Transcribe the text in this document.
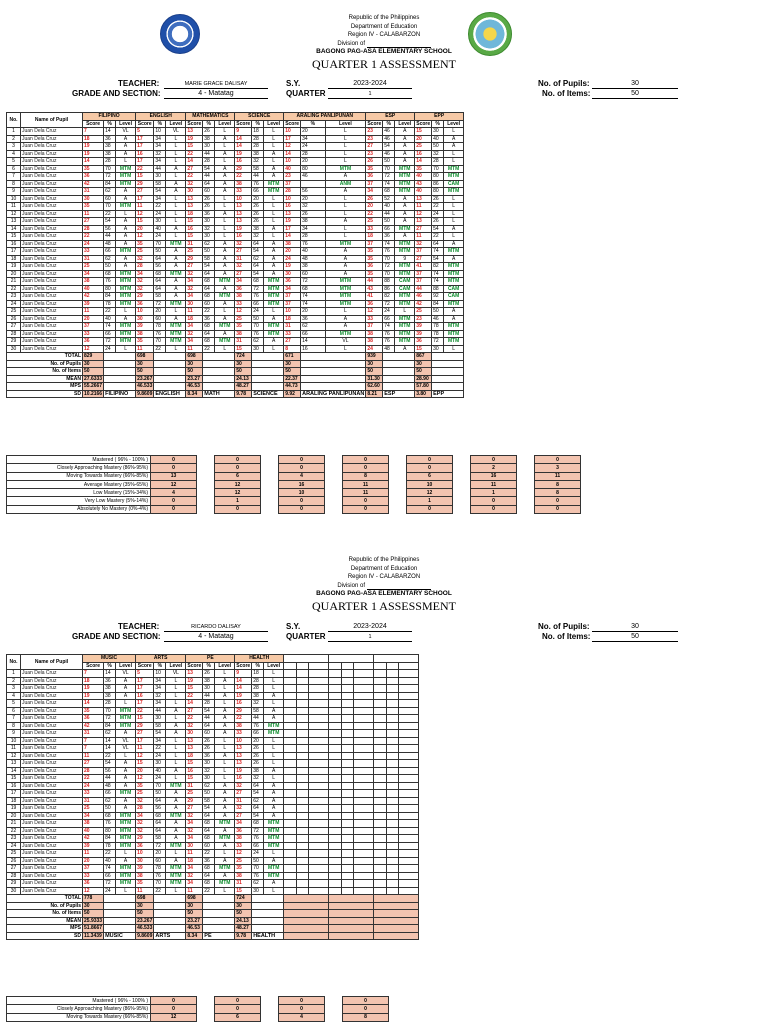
Republic of the Philippines
Department of Education
Region IV - CALABARZON
Division of
BAGONG PAG-ASA ELEMENTARY SCHOOL
QUARTER 1 ASSESSMENT
TEACHER:
GRADE AND SECTION:
MARIE GRACE DALISAY
4 - Matatag
S.Y.
QUARTER
2023-2024
1
No. of Pupils:
No. of Items:
30
50
No.	Name of Pupil	FILIPINO			ENGLISH			MATHEMATICS			SCIENCE			ARALING PANLIPUNAN			ESP			EPP		
		Score	%	Level	Score	%	Level	Score	%	Level	Score	%	Level	Score	%	Level	Score	%	Level	Score	%	Level
1	Juan Dela Cruz	7	14	VL	5	10	VL	13	26	L	9	18	L	10	20	L	23	46	A	15	30	L
2	Juan Dela Cruz	18	36	A	17	34	L	19	38	A	14	28	L	17	34	L	23	46	A	20	40	A
3	Juan Dela Cruz	19	38	A	17	34	L	15	30	L	14	28	L	12	24	L	27	54	A	25	50	A
4	Juan Dela Cruz	19	38	A	16	32	L	22	44	A	19	38	A	14	28	L	23	46	A	16	32	L
5	Juan Dela Cruz	14	28	L	17	34	L	14	28	L	16	32	L	10	20	L	26	50	A	14	28	L
6	Juan Dela Cruz	35	70	MTM	22	44	A	27	54	A	29	58	A	40	80	MTM	35	70	MTM	35	70	MTM
7	Juan Dela Cruz	36	72	MTM	15	30	L	22	44	A	22	44	A	23	46	A	36	72	MTM	40	80	MTM
8	Juan Dela Cruz	42	84	MTM	29	58	A	32	64	A	38	76	MTM	37		ANM	37	74	MTM	43	86	CAM
9	Juan Dela Cruz	31	62	A	27	54	A	30	60	A	33	66	MTM	28	56	A	34	68	MTM	40	80	MTM
10	Juan Dela Cruz	30	60	A	17	34	L	13	26	L	10	20	L	10	20	L	26	52	A	13	26	L
11	Juan Dela Cruz	35	70	MTM	11	22	L	13	26	L	13	26	L	16	32	L	20	40	A	11	22	L
12	Juan Dela Cruz	11	22	L	12	24	L	18	36	A	13	26	L	13	26	L	22	44	A	12	24	L
13	Juan Dela Cruz	27	54	A	15	30	L	15	30	L	13	26	L	19	38	A	25	50	A	13	26	L
14	Juan Dela Cruz	28	56	A	20	40	A	16	32	L	19	38	A	17	34	L	33	66	MTM	27	54	A
15	Juan Dela Cruz	22	44	A	12	24	L	15	30	L	16	32	L	14	28	L	18	36	A	11	22	L
16	Juan Dela Cruz	24	48	A	35	70	MTM	31	62	A	32	64	A	38	76	MTM	37	74	MTM	32	64	A
17	Juan Dela Cruz	33	66	MTM	25	50	A	25	50	A	27	54	A	20	40	A	35	76	MTM	37	74	MTM
18	Juan Dela Cruz	31	62	A	32	64	A	29	58	A	31	62	A	24	48	A	35	70	9	27	54	A
19	Juan Dela Cruz	25	50	A	28	56	A	27	54	A	32	64	A	19	38	A	36	72	MTM	41	82	MTM
20	Juan Dela Cruz	34	68	MTM	34	68	MTM	32	64	A	27	54	A	30	60	A	35	70	MTM	37	74	MTM
21	Juan Dela Cruz	38	76	MTM	32	64	A	34	68	MTM	34	68	MTM	36	72	MTM	44	88	CAM	37	74	MTM
22	Juan Dela Cruz	40	80	MTM	32	64	A	32	64	A	36	72	MTM	34	68	MTM	43	86	CAM	44	88	CAM
23	Juan Dela Cruz	42	84	MTM	29	58	A	34	68	MTM	38	76	MTM	37	74	MTM	41	82	MTM	46	92	CAM
24	Juan Dela Cruz	39	78	MTM	36	72	MTM	30	60	A	33	66	MTM	37	74	MTM	36	72	MTM	42	84	MTM
25	Juan Dela Cruz	11	22	L	10	20	L	11	22	L	12	24	L	10	20	L	12	24	L	25	50	A
26	Juan Dela Cruz	20	40	A	30	60	A	18	36	A	25	50	A	18	36	A	33	66	MTM	23	46	A
27	Juan Dela Cruz	37	74	MTM	39	78	MTM	34	68	MTM	35	70	MTM	31	62	A	37	74	MTM	39	78	MTM
28	Juan Dela Cruz	33	66	MTM	38	76	MTM	32	64	A	38	76	MTM	33	66	MTM	38	76	MTM	39	78	MTM
29	Juan Dela Cruz	36	72	MTM	35	70	MTM	34	68	MTM	31	62	A	27	14	VL	38	76	MTM	36	72	MTM
30	Juan Dela Cruz	12	24	L	11	22	L	11	22	L	15	30	L	8	16	L	24	48	A	15	30	L
TOTAL		829			698			698			724			671			939			867		
No. of Pupils		30			30			30			30			30			30			30		
No. of Items		50			50			50			50			50			50			50		
MEAN		27.6333			23.267			23.27			24.13			22.37			31.30			28.90		
MPS		55.2667			46.533			46.53			48.27			44.73			62.60			57.80		
SD		10.2166	FILIPINO		9.8609	ENGLISH		8.34	MATH		9.78	SCIENCE		9.92	ARALING PANLIPUNAN		8.21	ESP		3.80	EPP	
Mastered ( 96% - 100% )	0		0		0		0		0		0		0	
Closely Approaching Mastery (86%-95%)	0		0		0		0		0		2		3	
Moving Towards Mastery (66%-85%)	13		6		4		8		6		16		11	
Average Mastery (35%-65%)	12		12		16		11		10		11		8	
Low Mastery (15%-34%)	4		12		10		11		12		1		8	
Very Low Mastery (5%-14%)	0		1		0		0		1		0		0	
Absolutely No Mastery (0%-4%)	0		0		0		0		0		0		0	
Republic of the Philippines
Department of Education
Region IV - CALABARZON
Division of
BAGONG PAG-ASA ELEMENTARY SCHOOL
QUARTER 1 ASSESSMENT
TEACHER:
GRADE AND SECTION:
RICARDO DALISAY
4 - Matatag
S.Y.
QUARTER
2023-2024
1
No. of Pupils:
No. of Items:
30
50
No.	Name of Pupil	MUSIC			ARTS			PE			HEALTH											
		Score	%	Level	Score	%	Level	Score	%	Level	Score	%	Level									
1	Juan Dela Cruz	7	14	VL	5	10	VL	13	26	L	9	18	L									
2	Juan Dela Cruz	18	36	A	17	34	L	19	38	A	14	28	L									
3	Juan Dela Cruz	19	38	A	17	34	L	15	30	L	14	28	L									
4	Juan Dela Cruz	19	38	A	16	32	L	22	44	A	19	38	A									
5	Juan Dela Cruz	14	28	L	17	34	L	14	28	L	16	32	L									
6	Juan Dela Cruz	35	70	MTM	22	44	A	27	54	A	29	58	A									
7	Juan Dela Cruz	36	72	MTM	15	30	L	22	44	A	22	44	A									
8	Juan Dela Cruz	42	84	MTM	29	58	A	32	64	A	38	76	MTM									
9	Juan Dela Cruz	31	62	A	27	54	A	30	60	A	33	66	MTM									
10	Juan Dela Cruz	7	14	VL	17	34	L	13	26	L	10	20	L									
11	Juan Dela Cruz	7	14	VL	11	22	L	13	26	L	13	26	L									
12	Juan Dela Cruz	11	22	L	12	24	L	18	36	A	13	26	L									
13	Juan Dela Cruz	27	54	A	15	30	L	15	30	L	13	26	L									
14	Juan Dela Cruz	28	56	A	20	40	A	16	32	L	19	38	A									
15	Juan Dela Cruz	22	44	A	12	24	L	15	30	L	16	32	L									
16	Juan Dela Cruz	24	48	A	35	70	MTM	31	62	A	32	64	A									
17	Juan Dela Cruz	33	66	MTM	25	50	A	25	50	A	27	54	A									
18	Juan Dela Cruz	31	62	A	32	64	A	29	58	A	31	62	A									
19	Juan Dela Cruz	25	50	A	28	56	A	27	54	A	32	64	A									
20	Juan Dela Cruz	34	68	MTM	34	68	MTM	32	64	A	27	54	A									
21	Juan Dela Cruz	38	76	MTM	32	64	A	34	68	MTM	34	68	MTM									
22	Juan Dela Cruz	40	80	MTM	32	64	A	32	64	A	36	72	MTM									
23	Juan Dela Cruz	42	84	MTM	29	58	A	34	68	MTM	38	76	MTM									
24	Juan Dela Cruz	39	78	MTM	36	72	MTM	30	60	A	33	66	MTM									
25	Juan Dela Cruz	11	22	L	10	20	L	11	22	L	12	24	L									
26	Juan Dela Cruz	20	40	A	30	60	A	18	36	A	25	50	A									
27	Juan Dela Cruz	37	74	MTM	39	78	MTM	34	68	MTM	35	70	MTM									
28	Juan Dela Cruz	33	66	MTM	38	76	MTM	32	64	A	38	76	MTM									
29	Juan Dela Cruz	36	72	MTM	35	70	MTM	34	68	MTM	31	62	A									
30	Juan Dela Cruz	12	24	L	11	22	L	11	22	L	15	30	L									
TOTAL		778			698			698			724											
No. of Pupils		30			30			30			30											
No. of Items		50			50			50			50											
MEAN		25.9333			23.267			23.27			24.13											
MPS		51.8667			46.533			46.53			48.27											
SD		11.3439	MUSIC		9.8609	ARTS		8.34	PE		9.78	HEALTH										
Mastered ( 96% - 100% )	0		0		0		0	
Closely Approaching Mastery (86%-95%)	0		0		0		0	
Moving Towards Mastery (66%-85%)	12		6		4		8	
